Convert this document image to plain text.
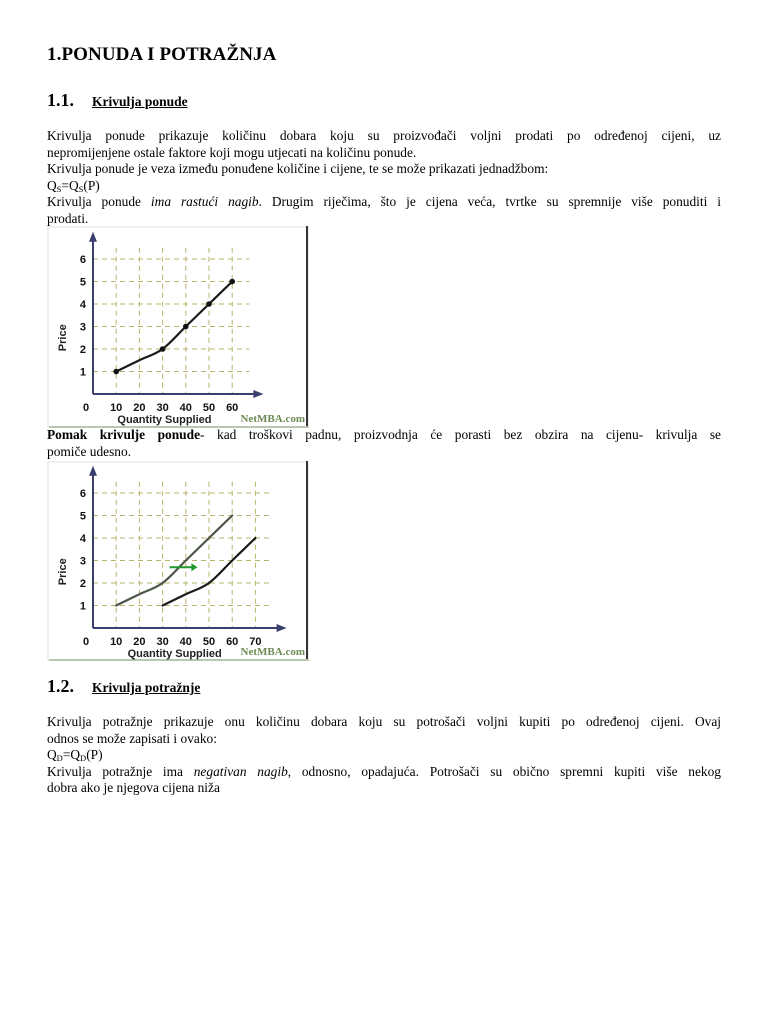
1.PONUDA I POTRAŽNJA
1.1. Krivulja ponude
Krivulja ponude prikazuje količinu dobara koju su proizvođači voljni prodati po određenoj cijeni, uz
nepromijenjene ostale faktore koji mogu utjecati na količinu ponude.
Krivulja ponude je veza između ponuđene količine i cijene, te se može prikazati jednadžbom:
$Q_S=Q_S(P)$
Krivulja ponude ima rastući nagib. Drugim riječima, što je cijena veća, tvrtke su spremnije više ponuditi i
prodati.
1
2
3
4
5
6
0 10 20 30 40 50 60
Quantity Supplied
Price
NetMBA.com
Pomak krivulje ponude- kad troškovi padnu, proizvodnja će porasti bez obzira na cijenu- krivulja se
pomiče udesno.
1
2
3
4
5
6
0 10 20 30 40 50 60 70
Quantity Supplied
Price
NetMBA.com
1.2. Krivulja potražnje
Krivulja potražnje prikazuje onu količinu dobara koju su potrošači voljni kupiti po određenoj cijeni. Ovaj
odnos se može zapisati i ovako:
$Q_D=Q_D(P)$
Krivulja potražnje ima negativan nagib, odnosno, opadajuća. Potrošači su obično spremni kupiti više nekog
dobra ako je njegova cijena niža
